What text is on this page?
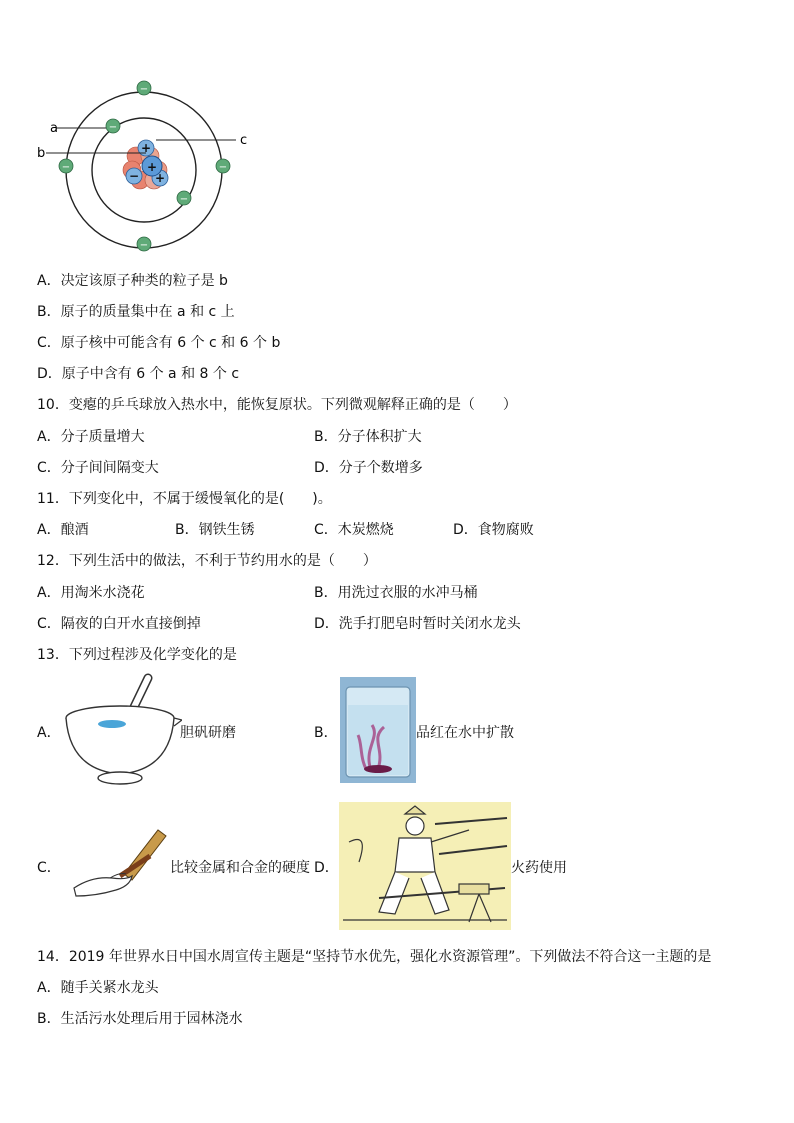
a
b
c
−
−
−	−
−
−
+
+
+
−
A．决定该原子种类的粒子是 b
B．原子的质量集中在 a 和 c 上
C．原子核中可能含有 6 个 c 和 6 个 b
D．原子中含有 6 个 a 和 8 个 c
10．变瘪的乒乓球放入热水中，能恢复原状。下列微观解释正确的是（　　）
A．分子质量增大	B．分子体积扩大
C．分子间间隔变大	D．分子个数增多
11．下列变化中，不属于缓慢氧化的是(　　)。
A．酿酒	B．钢铁生锈	C．木炭燃烧	D．食物腐败
12．下列生活中的做法，不利于节约用水的是（　　）
A．用淘米水浇花	B．用洗过衣服的水冲马桶
C．隔夜的白开水直接倒掉	D．洗手打肥皂时暂时关闭水龙头
13．下列过程涉及化学变化的是
A．	胆矾研磨	B．	品红在水中扩散
C．	比较金属和合金的硬度 D．	火药使用
14．2019 年世界水日中国水周宣传主题是“坚持节水优先，强化水资源管理”。下列做法不符合这一主题的是
A．随手关紧水龙头
B．生活污水处理后用于园林浇水
